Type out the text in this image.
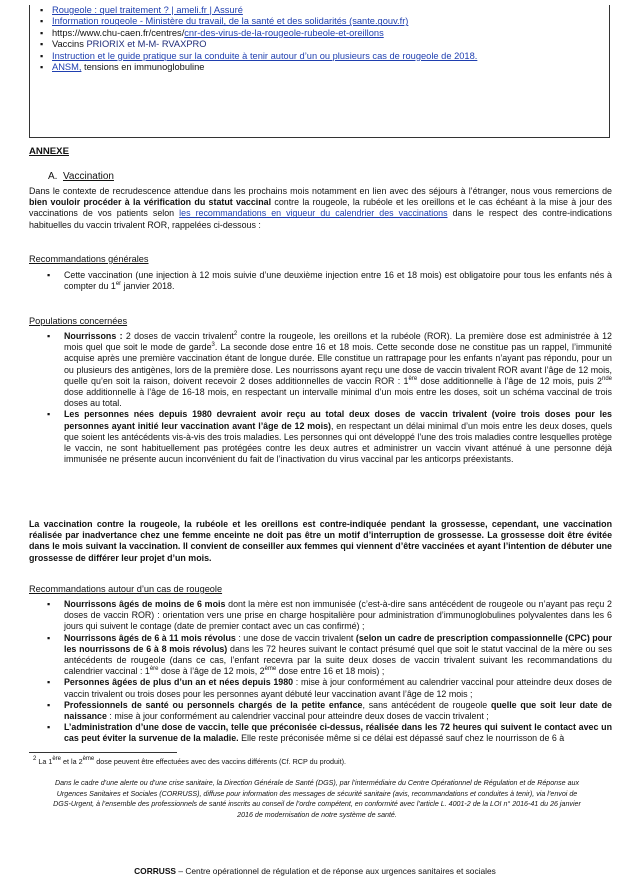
▪ Rougeole : quel traitement ? | ameli.fr | Assuré
▪ Information rougeole - Ministère du travail, de la santé et des solidarités (sante.gouv.fr)
▪ https://www.chu-caen.fr/centres/cnr-des-virus-de-la-rougeole-rubeole-et-oreillons
▪ Vaccins PRIORIX et M-M- RVAXPRO
▪ Instruction et le guide pratique sur la conduite à tenir autour d’un ou plusieurs cas de rougeole de 2018.
▪ ANSM, tensions en immunoglobuline
ANNEXE
A. Vaccination
Dans le contexte de recrudescence attendue dans les prochains mois notamment en lien avec des séjours à l’étranger, nous vous remercions de bien vouloir procéder à la vérification du statut vaccinal contre la rougeole, la rubéole et les oreillons et le cas échéant à la mise à jour des vaccinations de vos patients selon les recommandations en vigueur du calendrier des vaccinations dans le respect des contre-indications habituelles du vaccin trivalent ROR, rappelées ci-dessous :
Recommandations générales
▪ Cette vaccination (une injection à 12 mois suivie d’une deuxième injection entre 16 et 18 mois) est obligatoire pour tous les enfants nés à compter du 1er janvier 2018.
Populations concernées
▪ Nourrissons : 2 doses de vaccin trivalent$^2$ contre la rougeole, les oreillons et la rubéole (ROR). La première dose est administrée à 12 mois quel que soit le mode de garde$^3$. La seconde dose entre 16 et 18 mois. Cette seconde dose ne constitue pas un rappel, l’immunité acquise après une première vaccination étant de longue durée. Elle constitue un rattrapage pour les enfants n’ayant pas répondu, pour un ou plusieurs des antigènes, lors de la première dose. Les nourrissons ayant reçu une dose de vaccin trivalent ROR avant l’âge de 12 mois, quelle qu’en soit la raison, doivent recevoir 2 doses additionnelles de vaccin ROR : 1ère dose additionnelle à l’âge de 12 mois, puis 2nde dose additionnelle à l’âge de 16-18 mois, en respectant un intervalle minimal d’un mois entre les doses, soit un schéma vaccinal de trois doses au total.
▪ Les personnes nées depuis 1980 devraient avoir reçu au total deux doses de vaccin trivalent (voire trois doses pour les personnes ayant initié leur vaccination avant l’âge de 12 mois), en respectant un délai minimal d’un mois entre les deux doses, quels que soient les antécédents vis-à-vis des trois maladies. Les personnes qui ont développé l’une des trois maladies contre lesquelles protège le vaccin, ne sont habituellement pas protégées contre les deux autres et administrer un vaccin vivant atténué à une personne déjà immunisée ne présente aucun inconvénient du fait de l’inactivation du virus vaccinal par les anticorps préexistants.
La vaccination contre la rougeole, la rubéole et les oreillons est contre-indiquée pendant la grossesse, cependant, une vaccination réalisée par inadvertance chez une femme enceinte ne doit pas être un motif d’interruption de grossesse. La grossesse doit être évitée dans le mois suivant la vaccination. Il convient de conseiller aux femmes qui viennent d’être vaccinées et ayant l’intention de débuter une grossesse de différer leur projet d’un mois.
Recommandations autour d’un cas de rougeole
▪ Nourrissons âgés de moins de 6 mois dont la mère est non immunisée (c’est-à-dire sans antécédent de rougeole ou n’ayant pas reçu 2 doses de vaccin ROR) : orientation vers une prise en charge hospitalière pour administration d’immunoglobulines polyvalentes dans les 6 jours qui suivent le contage (date de premier contact avec un cas confirmé) ;
▪ Nourrissons âgés de 6 à 11 mois révolus : une dose de vaccin trivalent (selon un cadre de prescription compassionnelle (CPC) pour les nourrissons de 6 à 8 mois révolus) dans les 72 heures suivant le contact présumé quel que soit le statut vaccinal de la mère ou ses antécédents de rougeole (dans ce cas, l’enfant recevra par la suite deux doses de vaccin trivalent suivant les recommandations du calendrier vaccinal : 1ère dose à l’âge de 12 mois, 2ème dose entre 16 et 18 mois) ;
▪ Personnes âgées de plus d’un an et nées depuis 1980 : mise à jour conformément au calendrier vaccinal pour atteindre deux doses de vaccin trivalent ou trois doses pour les personnes ayant débuté leur vaccination avant l’âge de 12 mois ;
▪ Professionnels de santé ou personnels chargés de la petite enfance, sans antécédent de rougeole quelle que soit leur date de naissance : mise à jour conformément au calendrier vaccinal pour atteindre deux doses de vaccin trivalent ;
▪ L’administration d’une dose de vaccin, telle que préconisée ci-dessus, réalisée dans les 72 heures qui suivent le contact avec un cas peut éviter la survenue de la maladie. Elle reste préconisée même si ce délai est dépassé sauf chez le nourrisson de 6 à
$^2$ La 1ère et la 2ème dose peuvent être effectuées avec des vaccins différents (Cf. RCP du produit).
Dans le cadre d’une alerte ou d’une crise sanitaire, la Direction Générale de Santé (DGS), par l’intermédiaire du Centre Opérationnel de Régulation et de Réponse aux Urgences Sanitaires et Sociales (CORRUSS), diffuse pour information des messages de sécurité sanitaire (avis, recommandations et conduites à tenir), via l’envoi de DGS-Urgent, à l’ensemble des professionnels de santé inscrits au conseil de l’ordre compétent, en conformité avec l’article L. 4001-2 de la LOI n° 2016-41 du 26 janvier 2016 de modernisation de notre système de santé.
CORRUSS – Centre opérationnel de régulation et de réponse aux urgences sanitaires et sociales
